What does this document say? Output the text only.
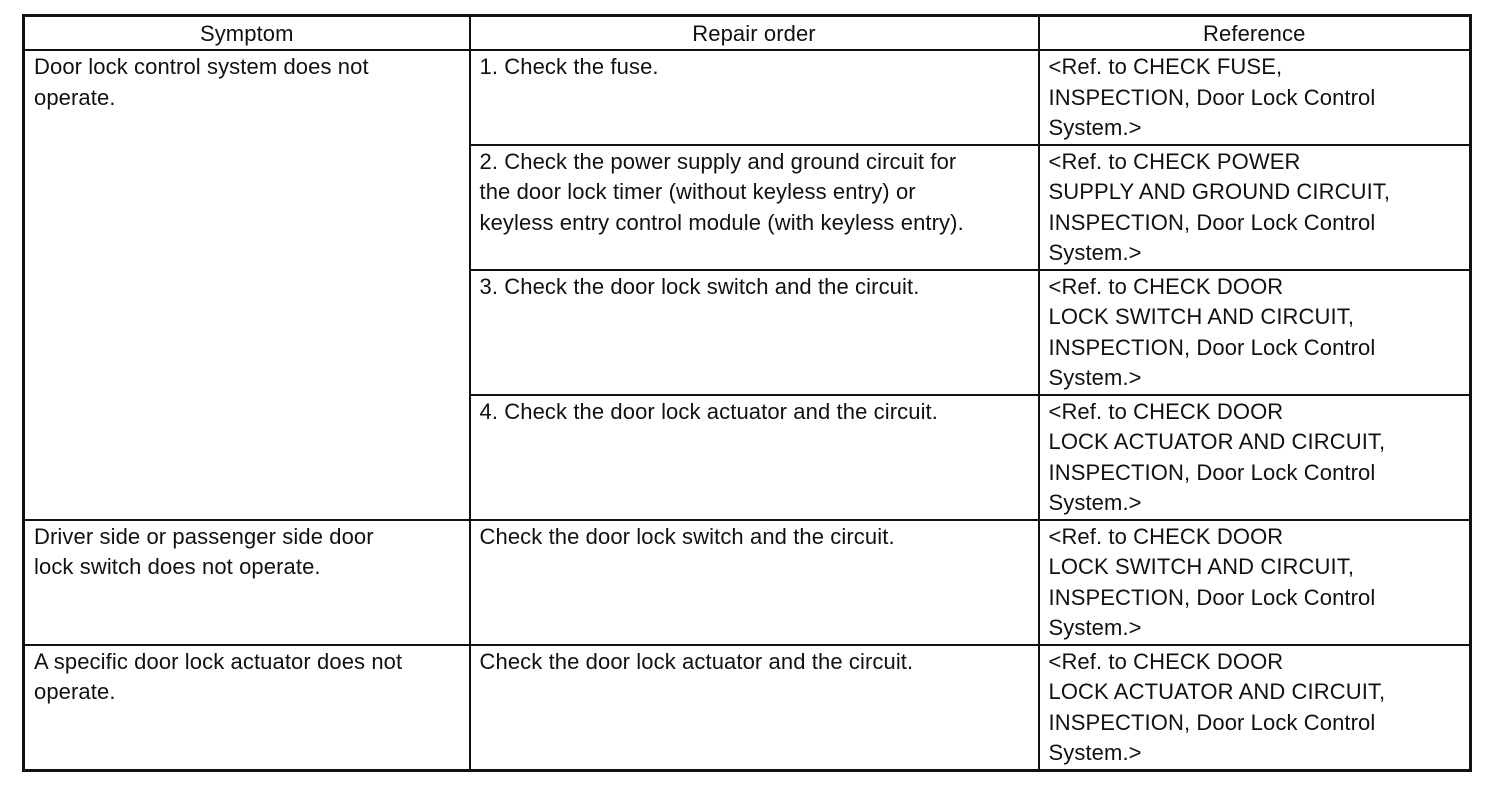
Symptom	Repair order	Reference
Door lock control system does not
operate.	1. Check the fuse.	<Ref. to CHECK FUSE,
INSPECTION, Door Lock Control
System.>
	2. Check the power supply and ground circuit for
the door lock timer (without keyless entry) or
keyless entry control module (with keyless entry).	<Ref. to CHECK POWER
SUPPLY AND GROUND CIRCUIT,
INSPECTION, Door Lock Control
System.>
	3. Check the door lock switch and the circuit.	<Ref. to CHECK DOOR
LOCK SWITCH AND CIRCUIT,
INSPECTION, Door Lock Control
System.>
	4. Check the door lock actuator and the circuit.	<Ref. to CHECK DOOR
LOCK ACTUATOR AND CIRCUIT,
INSPECTION, Door Lock Control
System.>
Driver side or passenger side door
lock switch does not operate.	Check the door lock switch and the circuit.	<Ref. to CHECK DOOR
LOCK SWITCH AND CIRCUIT,
INSPECTION, Door Lock Control
System.>
A specific door lock actuator does not
operate.	Check the door lock actuator and the circuit.	<Ref. to CHECK DOOR
LOCK ACTUATOR AND CIRCUIT,
INSPECTION, Door Lock Control
System.>
